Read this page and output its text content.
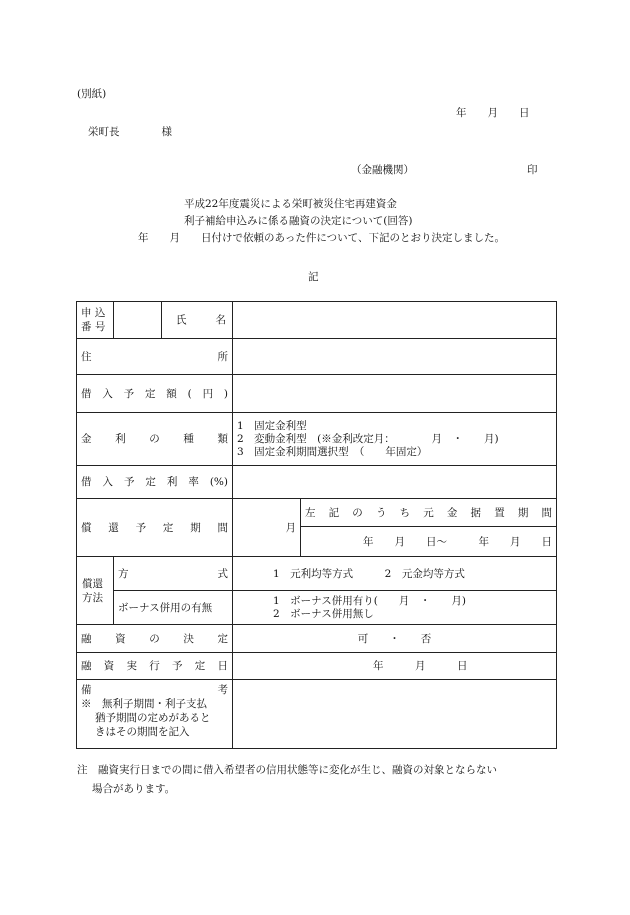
(別紙)
年　　月　　日
栄町長　　　　様
（金融機関）	印
平成22年度震災による栄町被災住宅再建資金
利子補給申込みに係る融資の決定について(回答)
年　　月　　日付けで依頼のあった件について、下記のとおり決定しました。
記
申 込
番 号		氏　名		
住所				
借入予定額(円)				
金利の種類			1　固定金利型
2　変動金利型　(※金利改定月：　　　　月　・　　月)
3　固定金利期間選択型　（　　年固定）	

借入予定利率(%)				
償還予定期間			月	左記のうち元金据置期間
				年　　月　　日～　　　年　　月　　日

償還
方法	方式		1　元利均等方式　　　2　元金均等方式	
	ボーナス併用の有無		1　ボーナス併用有り(　　月　・　　月)
2　ボーナス併用無し	

融資の決定			可　　・　　否	
融資実行予定日			年　　　月　　　日	

備考
※　無利子期間・利子支払
猶予期間の定めがあると
きはその期間を記入				

注　融資実行日までの間に借入希望者の信用状態等に変化が生じ、融資の対象とならない
場合があります。
